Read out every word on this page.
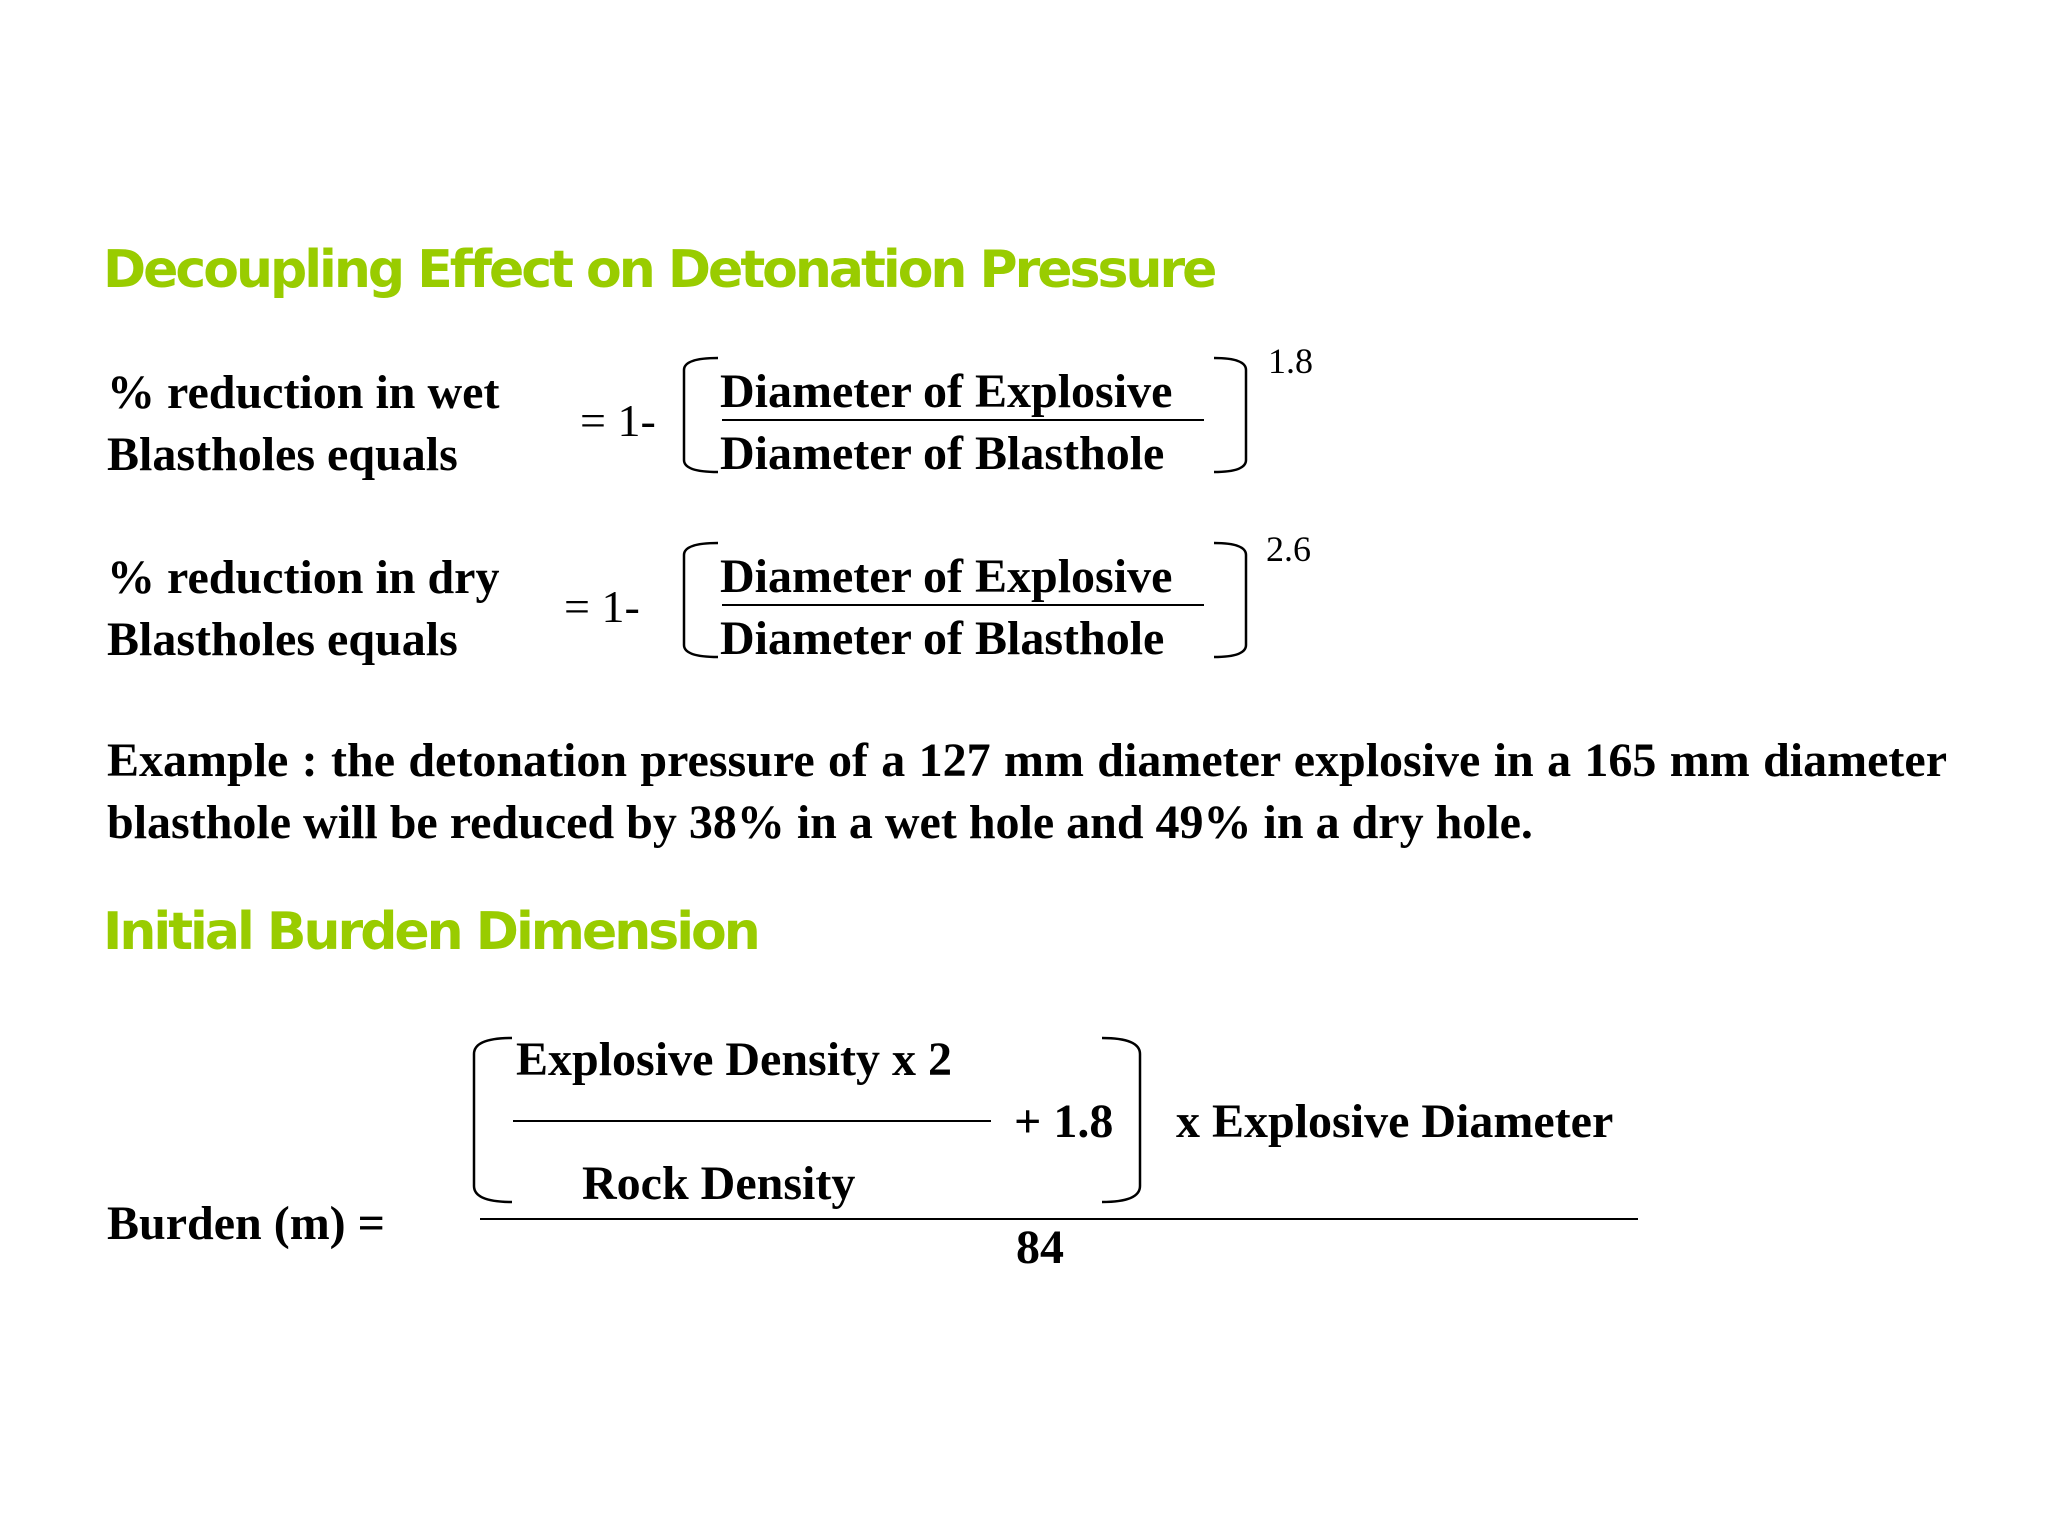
Decoupling Effect on Detonation Pressure
% reduction in wet
Blastholes equals
= 1-
Diameter of Explosive
Diameter of Blasthole
1.8
% reduction in dry
Blastholes equals
= 1-
Diameter of Explosive
Diameter of Blasthole
2.6
Example : the detonation pressure of a 127 mm diameter explosive in a 165 mm diameter blasthole will be reduced by 38% in a wet hole and 49% in a dry hole.
Initial Burden Dimension
Burden (m) =
Explosive Density x 2
+ 1.8
Rock Density
x Explosive Diameter
84
